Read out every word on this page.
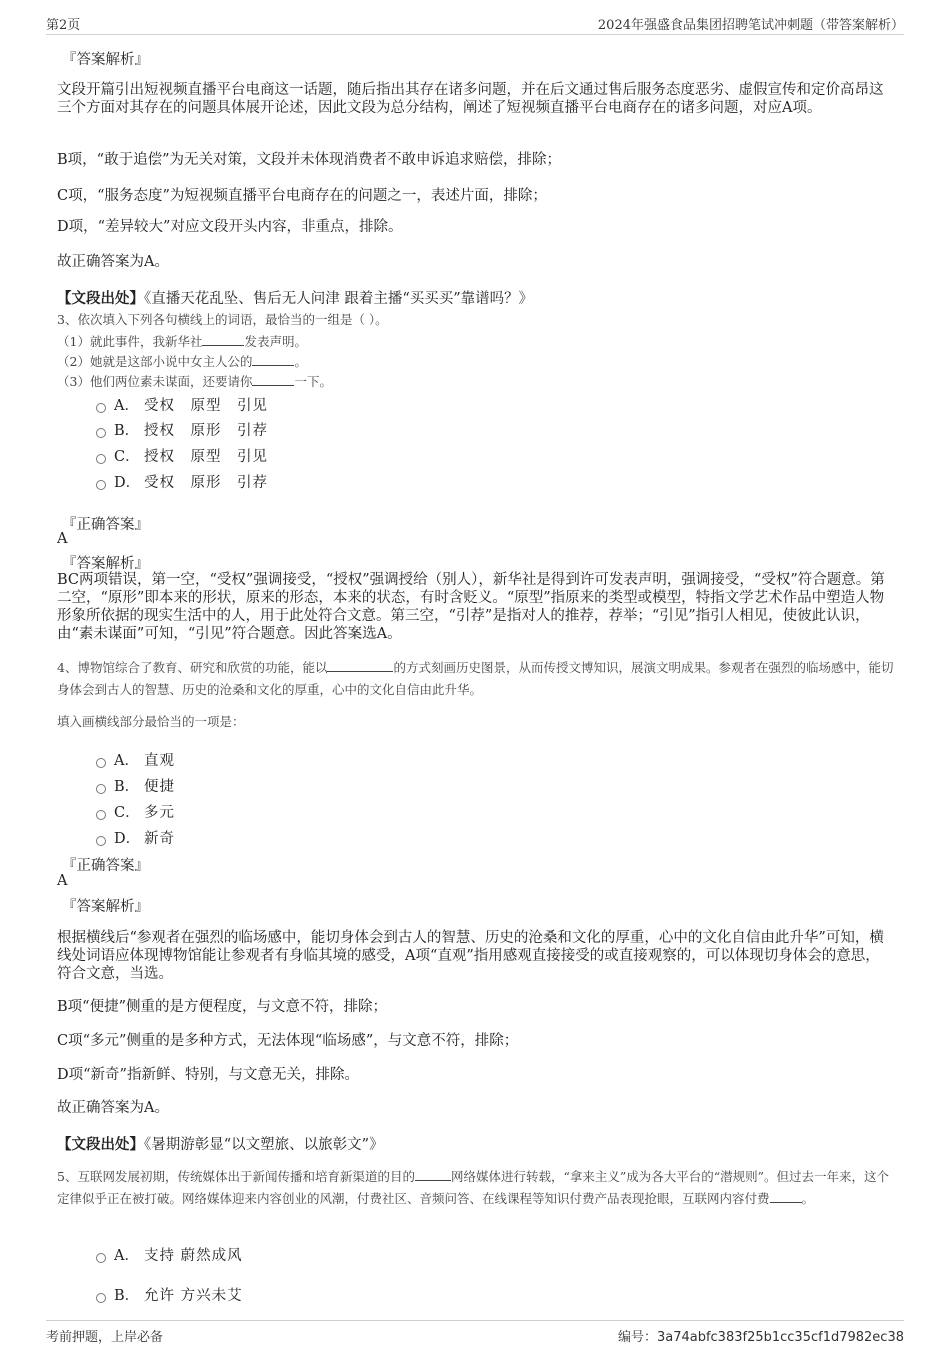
第2页	2024年强盛食品集团招聘笔试冲刺题（带答案解析）
『答案解析』
文段开篇引出短视频直播平台电商这一话题，随后指出其存在诸多问题，并在后文通过售后服务态度恶劣、虚假宣传和定价高昂这三个方面对其存在的问题具体展开论述，因此文段为总分结构，阐述了短视频直播平台电商存在的诸多问题，对应A项。
B项，“敢于追偿”为无关对策，文段并未体现消费者不敢申诉追求赔偿，排除；
C项，“服务态度”为短视频直播平台电商存在的问题之一，表述片面，排除；
D项，“差异较大”对应文段开头内容，非重点，排除。
故正确答案为A。
【文段出处】《直播天花乱坠、售后无人问津 跟着主播“买买买”靠谱吗？》
3、依次填入下列各句横线上的词语，最恰当的一组是（ ）。
（1）就此事件，我新华社	发表声明。
（2）她就是这部小说中女主人公的	。
（3）他们两位素未谋面，还要请你	一下。
A． 受权　原型　引见
B． 授权　原形　引荐
C． 授权　原型　引见
D． 受权　原形　引荐
『正确答案』
A
『答案解析』
BC两项错误，第一空，“受权”强调接受，“授权”强调授给（别人），新华社是得到许可发表声明，强调接受，“受权”符合题意。第二空，“原形”即本来的形状，原来的形态，本来的状态，有时含贬义。“原型”指原来的类型或模型，特指文学艺术作品中塑造人物形象所依据的现实生活中的人，用于此处符合文意。第三空，“引荐”是指对人的推荐，荐举；“引见”指引人相见，使彼此认识，由“素未谋面”可知，“引见”符合题意。因此答案选A。
4、博物馆综合了教育、研究和欣赏的功能，能以	的方式刻画历史图景，从而传授文博知识，展演文明成果。参观者在强烈的临场感中，能切身体会到古人的智慧、历史的沧桑和文化的厚重，心中的文化自信由此升华。
填入画横线部分最恰当的一项是：
A． 直观
B． 便捷
C． 多元
D． 新奇
『正确答案』
A
『答案解析』
根据横线后“参观者在强烈的临场感中，能切身体会到古人的智慧、历史的沧桑和文化的厚重，心中的文化自信由此升华”可知，横线处词语应体现博物馆能让参观者有身临其境的感受，A项“直观”指用感观直接接受的或直接观察的，可以体现切身体会的意思，符合文意，当选。
B项“便捷”侧重的是方便程度，与文意不符，排除；
C项“多元”侧重的是多种方式，无法体现“临场感”，与文意不符，排除；
D项“新奇”指新鲜、特别，与文意无关，排除。
故正确答案为A。
【文段出处】《暑期游彰显“以文塑旅、以旅彰文”》
5、互联网发展初期，传统媒体出于新闻传播和培育新渠道的目的	网络媒体进行转载，“拿来主义”成为各大平台的“潜规则”。但过去一年来，这个定律似乎正在被打破。网络媒体迎来内容创业的风潮，付费社区、音频问答、在线课程等知识付费产品表现抢眼，互联网内容付费	。
A． 支持 蔚然成风
B． 允许 方兴未艾
考前押题，上岸必备	编号：3a74abfc383f25b1cc35cf1d7982ec38
